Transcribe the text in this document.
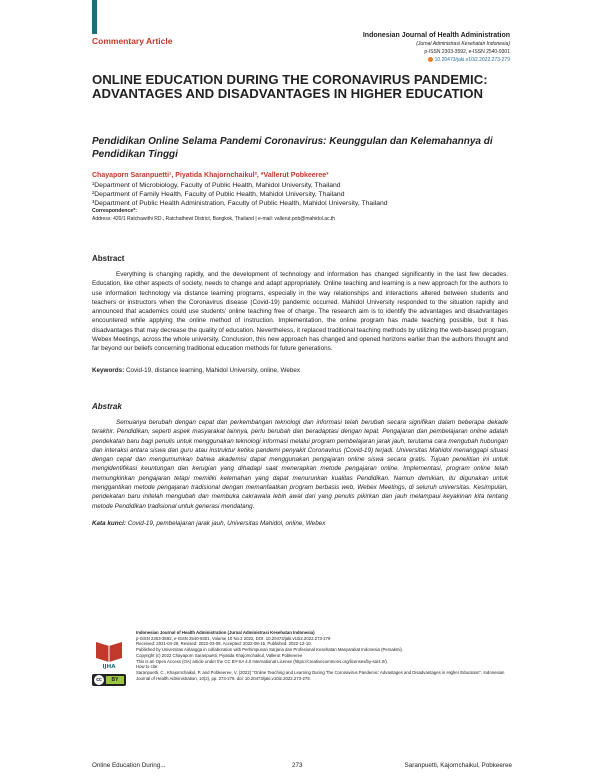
Commentary Article
Indonesian Journal of Health Administration
(Jurnal Administrasi Kesehatan Indonesia)
p-ISSN 2303-3592, e-ISSN 2540-9301
10.20473/jaki.v10i2.2022.273-279
ONLINE EDUCATION DURING THE CORONAVIRUS PANDEMIC: ADVANTAGES AND DISADVANTAGES IN HIGHER EDUCATION
Pendidikan Online Selama Pandemi Coronavirus: Keunggulan dan Kelemahannya di Pendidikan Tinggi
Chayaporn Saranpuetti¹, Piyatida Khajornchaikul², *Vallerut Pobkeeree³
¹Department of Microbiology, Faculty of Public Health, Mahidol University, Thailand
²Department of Family Health, Faculty of Public Health, Mahidol University, Thailand
³Department of Public Health Administration, Faculty of Public Health, Mahidol University, Thailand
Correspondence*:
Address: 420/1 Ratchawithi RD., Ratchathewi District, Bangkok, Thailand | e-mail: vallerut.pob@mahidol.ac.th
Abstract
Everything is changing rapidly, and the development of technology and information has changed significantly in the last few decades. Education, like other aspects of society, needs to change and adapt appropriately. Online teaching and learning is a new approach for the authors to use information technology via distance learning programs, especially in the way relationships and interactions altered between students and teachers or instructors when the Coronavirus disease (Covid-19) pandemic occurred. Mahidol University responded to the situation rapidly and announced that academics could use students' online teaching free of charge. The research aim is to identify the advantages and disadvantages encountered while applying the online method of instruction. Implementation, the online program has made teaching possible, but it has disadvantages that may decrease the quality of education. Nevertheless, it replaced traditional teaching methods by utilizing the web-based program, Webex Meetings, across the whole university. Conclusion, this new approach has changed and opened horizons earlier than the authors thought and far beyond our beliefs concerning traditional education methods for future generations.
Keywords: Covid-19, distance learning, Mahidol University, online, Webex
Abstrak
Semuanya berubah dengan cepat dan perkembangan teknologi dan informasi telah berubah secara signifikan dalam beberapa dekade terakhir. Pendidikan, seperti aspek masyarakat lainnya, perlu berubah dan beradaptasi dengan tepat. Pengajaran dan pembelajaran online adalah pendekatan baru bagi penulis untuk menggunakan teknologi informasi melalui program pembelajaran jarak jauh, terutama cara mengubah hubungan dan interaksi antara siswa dan guru atau instruktur ketika pandemi penyakit Coronavirus (Covid-19) terjadi. Universitas Mahidol menanggapi situasi dengan cepat dan mengumumkan bahwa akademisi dapat menggunakan pengajaran online siswa secara gratis. Tujuan penelitian ini untuk mengidentifikasi keuntungan dan kerugian yang dihadapi saat menerapkan metode pengajaran online. Implementasi, program online telah memungkinkan pengajaran tetapi memiliki kelemahan yang dapat menurunkan kualitas Pendidikan. Namun demikian, itu digunakan untuk menggantikan metode pengajaran tradisional dengan memanfaatkan program berbasis web, Webex Meetings, di seluruh universitas. Kesimpulan, pendekatan baru initelah mengubah dan membuka cakrawala lebih awal dari yang penulis pikirkan dan jauh melampaui keyakinan kita tentang metode Pendidikan tradisional untuk generasi mendatang.
Kata kunci: Covid-19, pembelajaran jarak jauh, Universitas Mahidol, online, Webex
IJHA
cc	BY
Indonesian Journal of Health Administration (Jurnal Administrasi Kesehatan Indonesia)
p-ISSN 2303-3592, e-ISSN 2540-9301, Volume 10 No.2 2022, DOI: 10.20473/jaki.v10i2.2022.273-279
Received: 2021-04-29, Revised: 2022-03-09, Accepted: 2022-08-15, Published: 2022-12-10.
Published by Universitas Airlangga in collaboration with Perhimpunan Sarjana dan Profesional Kesehatan Masyarakat Indonesia (Persakmi).
Copyright (c) 2022 Chayaporn Saranpuetti, Piyatida Khajornchaikul, Vallerut Pobkeeree
This is an Open Access (OA) article under the CC BY-SA 4.0 International License (https://creativecommons.org/licenses/by-sa/4.0/).
How to cite:
Saranpuetti, C., Khajornchaikul, P. and Pobkeeree, V. (2022) "Online Teaching and Learning During The Coronavirus Pandemic: Advantages and Disadvantages in Higher Education", Indonesian Journal of Health Administration, 10(2), pp. 273-279. doi: 10.20473/jaki.v10i2.2022.273-279.
Online Education During...	273	Saranpuetti, Kajornchaikul, Pobkeeree
